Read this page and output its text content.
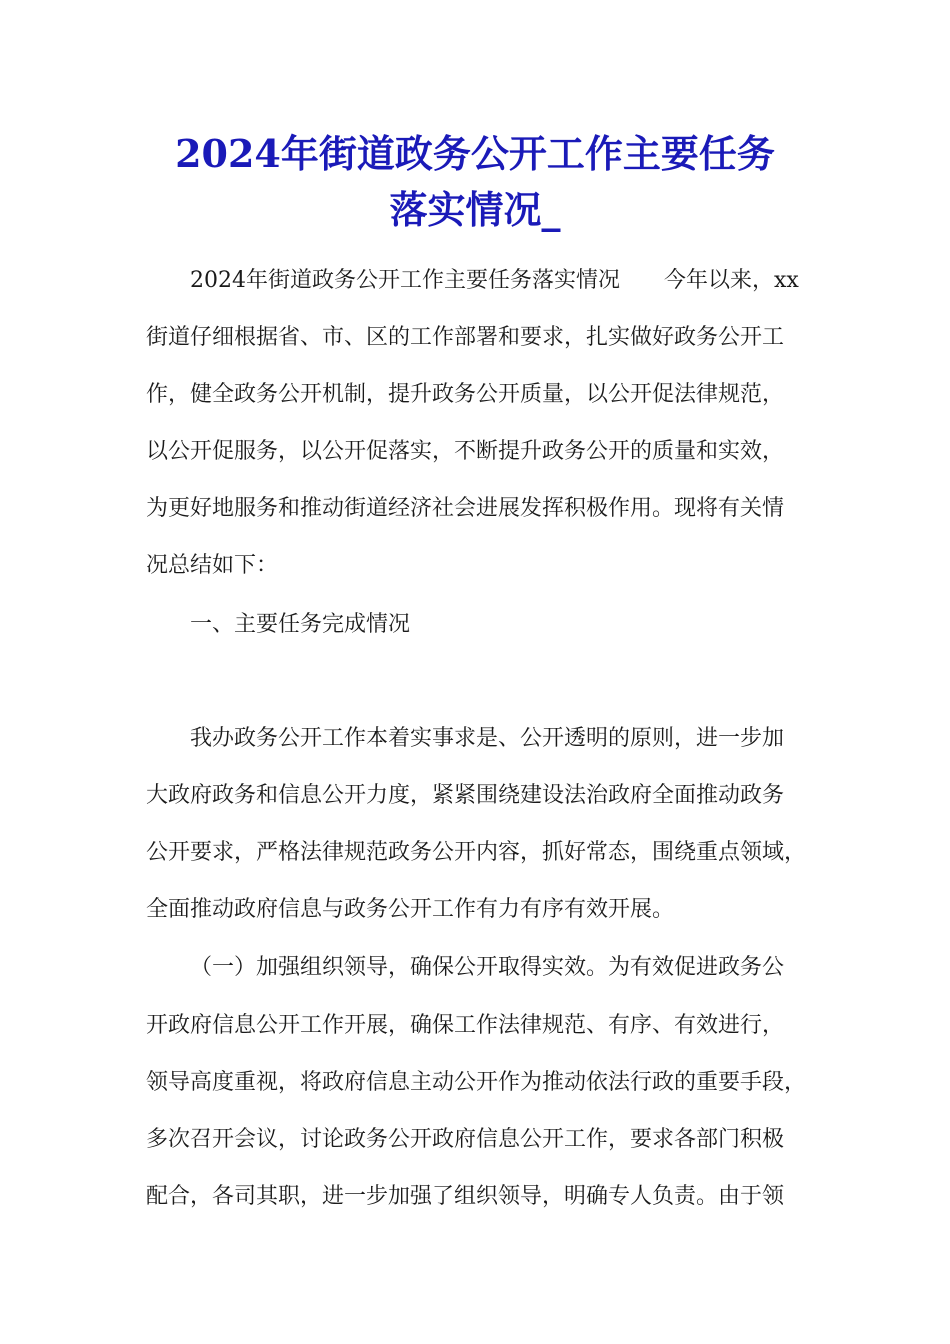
2024年街道政务公开工作主要任务
落实情况_
2024年街道政务公开工作主要任务落实情况　　今年以来，xx
街道仔细根据省、市、区的工作部署和要求，扎实做好政务公开工
作，健全政务公开机制，提升政务公开质量，以公开促法律规范，
以公开促服务，以公开促落实，不断提升政务公开的质量和实效，
为更好地服务和推动街道经济社会进展发挥积极作用。现将有关情
况总结如下：
一、主要任务完成情况
我办政务公开工作本着实事求是、公开透明的原则，进一步加
大政府政务和信息公开力度，紧紧围绕建设法治政府全面推动政务
公开要求，严格法律规范政务公开内容，抓好常态，围绕重点领域，
全面推动政府信息与政务公开工作有力有序有效开展。
（一）加强组织领导，确保公开取得实效。为有效促进政务公
开政府信息公开工作开展，确保工作法律规范、有序、有效进行，
领导高度重视，将政府信息主动公开作为推动依法行政的重要手段，
多次召开会议，讨论政务公开政府信息公开工作，要求各部门积极
配合，各司其职，进一步加强了组织领导，明确专人负责。由于领
